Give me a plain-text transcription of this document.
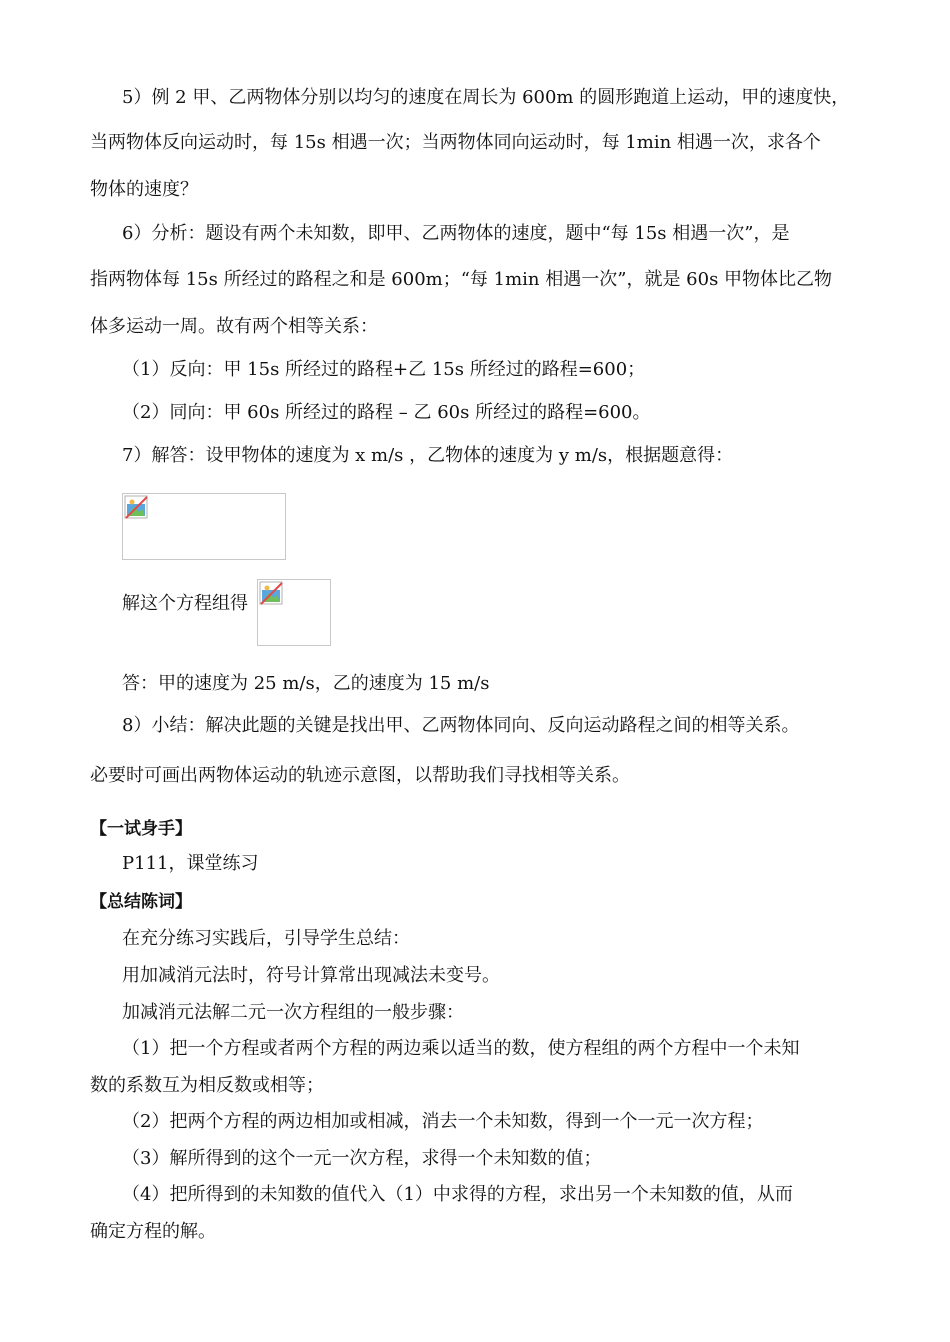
5）例 2 甲、乙两物体分别以均匀的速度在周长为 600m 的圆形跑道上运动，甲的速度快，
当两物体反向运动时，每 15s 相遇一次；当两物体同向运动时，每 1min 相遇一次，求各个
物体的速度？
6）分析：题设有两个未知数，即甲、乙两物体的速度，题中“每 15s 相遇一次”，是
指两物体每 15s 所经过的路程之和是 600m；“每 1min 相遇一次”，就是 60s 甲物体比乙物
体多运动一周。故有两个相等关系：
（1）反向：甲 15s 所经过的路程+乙 15s 所经过的路程=600；
（2）同向：甲 60s 所经过的路程 – 乙 60s 所经过的路程=600。
7）解答：设甲物体的速度为 x m/s ，乙物体的速度为 y m/s，根据题意得：
解这个方程组得
答：甲的速度为 25 m/s，乙的速度为 15 m/s
8）小结：解决此题的关键是找出甲、乙两物体同向、反向运动路程之间的相等关系。
必要时可画出两物体运动的轨迹示意图，以帮助我们寻找相等关系。
【一试身手】
P111，课堂练习
【总结陈词】
在充分练习实践后，引导学生总结：
用加减消元法时，符号计算常出现减法未变号。
加减消元法解二元一次方程组的一般步骤：
（1）把一个方程或者两个方程的两边乘以适当的数，使方程组的两个方程中一个未知
数的系数互为相反数或相等；
（2）把两个方程的两边相加或相减，消去一个未知数，得到一个一元一次方程；
（3）解所得到的这个一元一次方程，求得一个未知数的值；
（4）把所得到的未知数的值代入（1）中求得的方程，求出另一个未知数的值，从而
确定方程的解。
